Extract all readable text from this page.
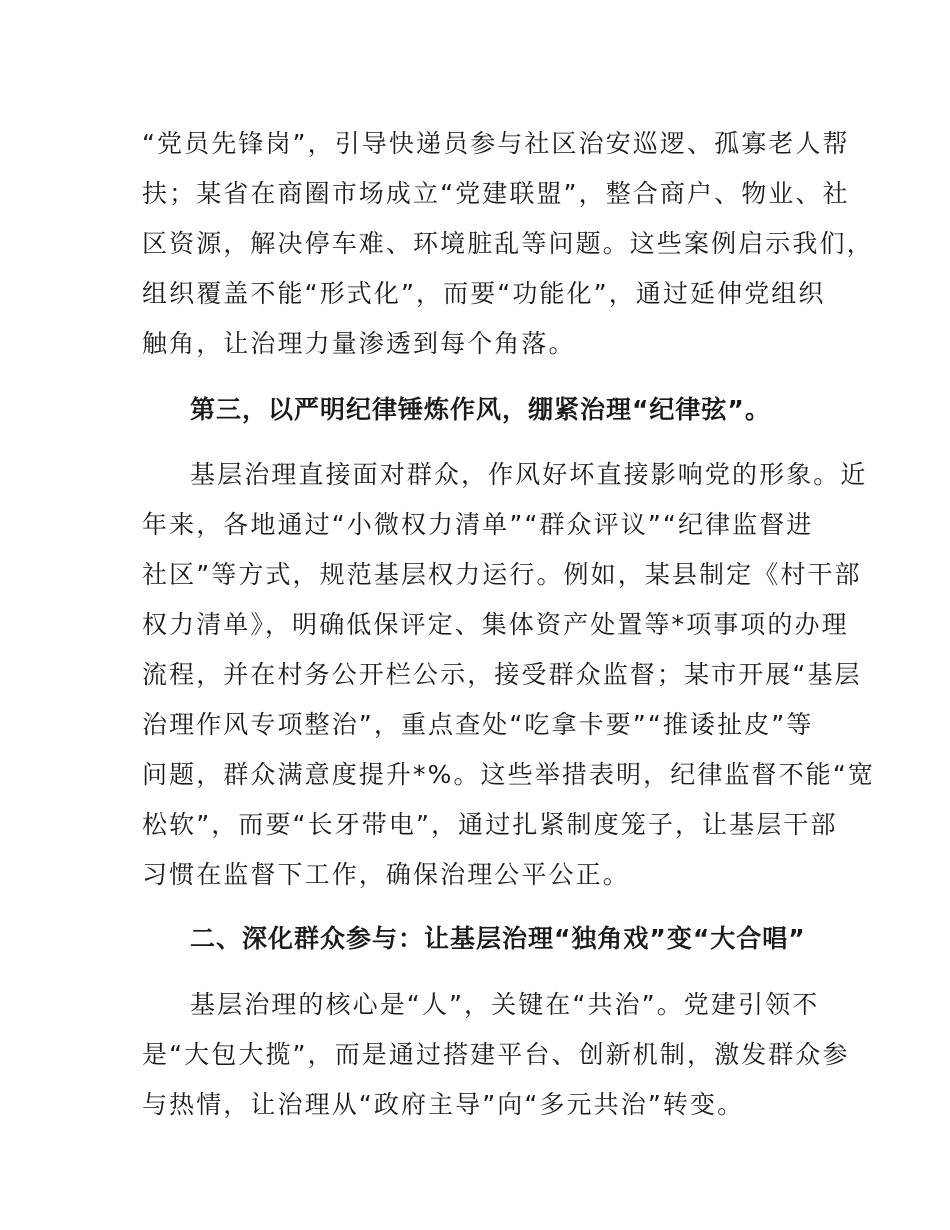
“党员先锋岗”，引导快递员参与社区治安巡逻、孤寡老人帮
扶；某省在商圈市场成立“党建联盟”，整合商户、物业、社
区资源，解决停车难、环境脏乱等问题。这些案例启示我们，
组织覆盖不能“形式化”，而要“功能化”，通过延伸党组织
触角，让治理力量渗透到每个角落。
第三，以严明纪律锤炼作风，绷紧治理“纪律弦”。
基层治理直接面对群众，作风好坏直接影响党的形象。近
年来，各地通过“小微权力清单”“群众评议”“纪律监督进
社区”等方式，规范基层权力运行。例如，某县制定《村干部
权力清单》，明确低保评定、集体资产处置等*项事项的办理
流程，并在村务公开栏公示，接受群众监督；某市开展“基层
治理作风专项整治”，重点查处“吃拿卡要”“推诿扯皮”等
问题，群众满意度提升*%。这些举措表明，纪律监督不能“宽
松软”，而要“长牙带电”，通过扎紧制度笼子，让基层干部
习惯在监督下工作，确保治理公平公正。
二、深化群众参与：让基层治理“独角戏”变“大合唱”
基层治理的核心是“人”，关键在“共治”。党建引领不
是“大包大揽”，而是通过搭建平台、创新机制，激发群众参
与热情，让治理从“政府主导”向“多元共治”转变。
